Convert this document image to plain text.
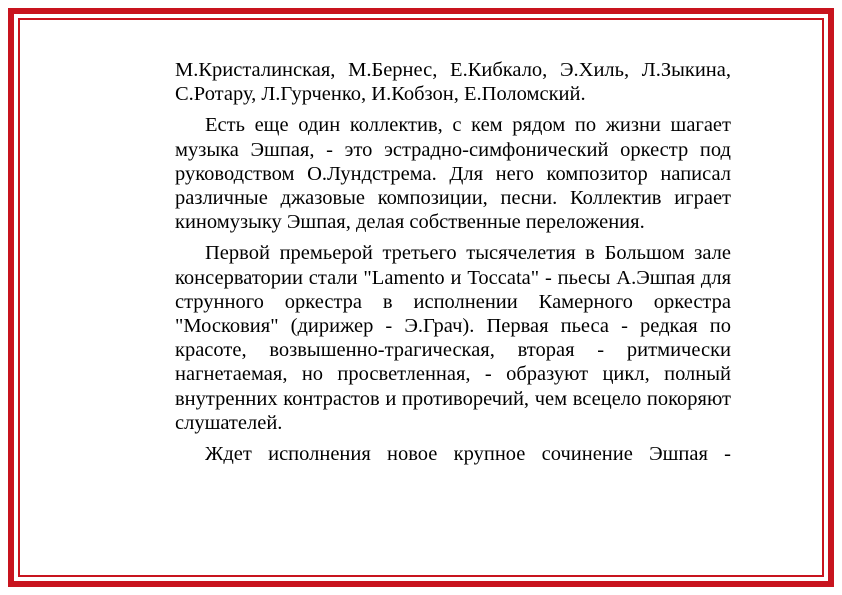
М.Кристалинская, М.Бернес, Е.Кибкало, Э.Хиль, Л.Зыкина, С.Ротару, Л.Гурченко, И.Кобзон, Е.Поломский.

Есть еще один коллектив, с кем рядом по жизни шагает музыка Эшпая, - это эстрадно-симфонический оркестр под руководством О.Лундстрема. Для него композитор написал различные джазовые композиции, песни. Коллектив играет киномузыку Эшпая, делая собственные переложения.

Первой премьерой третьего тысячелетия в Большом зале консерватории стали "Lamento и Toccata" - пьесы А.Эшпая для струнного оркестра в исполнении Камерного оркестра "Московия" (дирижер - Э.Грач). Первая пьеса - редкая по красоте, возвышенно-трагическая, вторая - ритмически нагнетаемая, но просветленная, - образуют цикл, полный внутренних контрастов и противоречий, чем всецело покоряют слушателей.

Ждет исполнения новое крупное сочинение Эшпая -
